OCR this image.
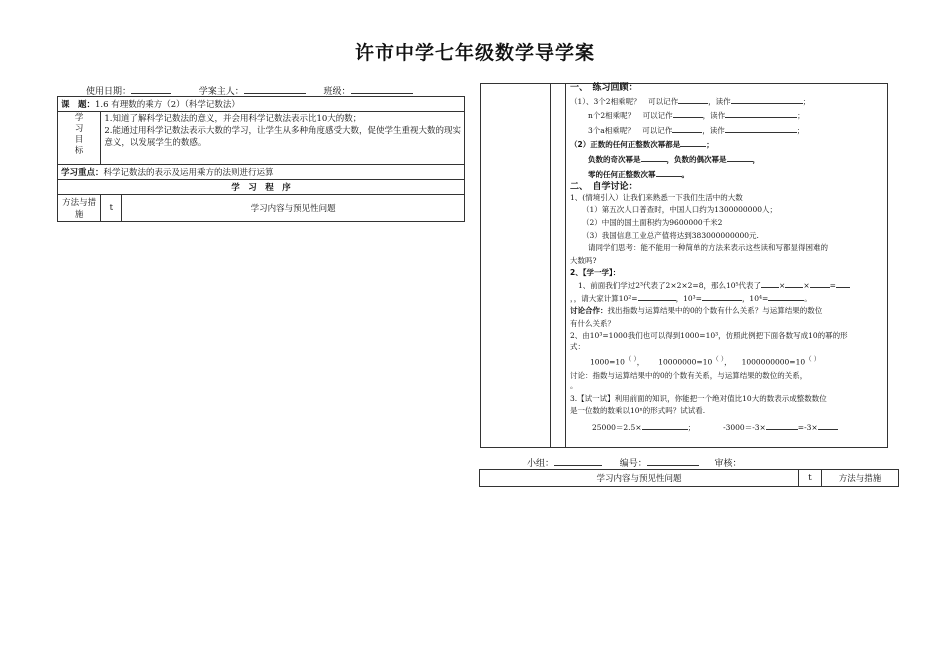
许市中学七年级数学导学案
使用日期：	学案主人：	班级：
课　题：1.6 有理数的乘方（2）（科学记数法）		
学习目标	1.知道了解科学记数法的意义，并会用科学记数法表示比10大的数；
2.能通过用科学记数法表示大数的学习，让学生从多种角度感受大数，促使学生重视大数的现实
意义，以发展学生的数感。	

学习重点：科学记数法的表示及运用乘方的法则进行运算		
学　习　程　序		
方法与措施	t	学习内容与预见性问题

一、　练习回顾：

（1）、3个2相乘呢？　可以记作	，读作	；

n个2相乘呢？　可以记作	，读作	；

3个a相乘呢？　可以记作	，读作	；

（2）正数的任何正整数次幂都是	；

负数的奇次幂是	，负数的偶次幂是	，

零的任何正整数次幂	。

二、　自学讨论：

1、(情境引入）让我们来熟悉一下我们生活中的大数

（1）第五次人口普查时，中国人口约为1300000000人；

（2）中国的国土面积约为9600000千米2

（3）我国信息工业总产值将达到383000000000元.

请同学们思考：能不能用一种简单的方法来表示这些读和写都显得困难的

大数吗?

2、【学一学】：

1、前面我们学过2³代表了2×2×2=8，那么10⁵代表了 × ×	=

，，请大家计算10²=	，10³=	，10⁴=	。

讨论合作：找出指数与运算结果中的0的个数有什么关系？与运算结果的数位

有什么关系？

2、由10³=1000我们也可以得到1000=10³，仿照此例把下面各数写成10的幂的形

式：

1000=10（ ）， 10000000=10（ ）， 1000000000=10（ ）

讨论：指数与运算结果中的0的个数有关系，与运算结果的数位的关系，

。

3.【试一试】利用前面的知识，你能把一个绝对值比10大的数表示成整数数位

是一位数的数乘以10ⁿ的形式吗？试试看.

25000＝2.5×	；	-3000＝-3×	=-3×

小组：	编号：	审核：
学习内容与预见性问题	t	方法与措施
